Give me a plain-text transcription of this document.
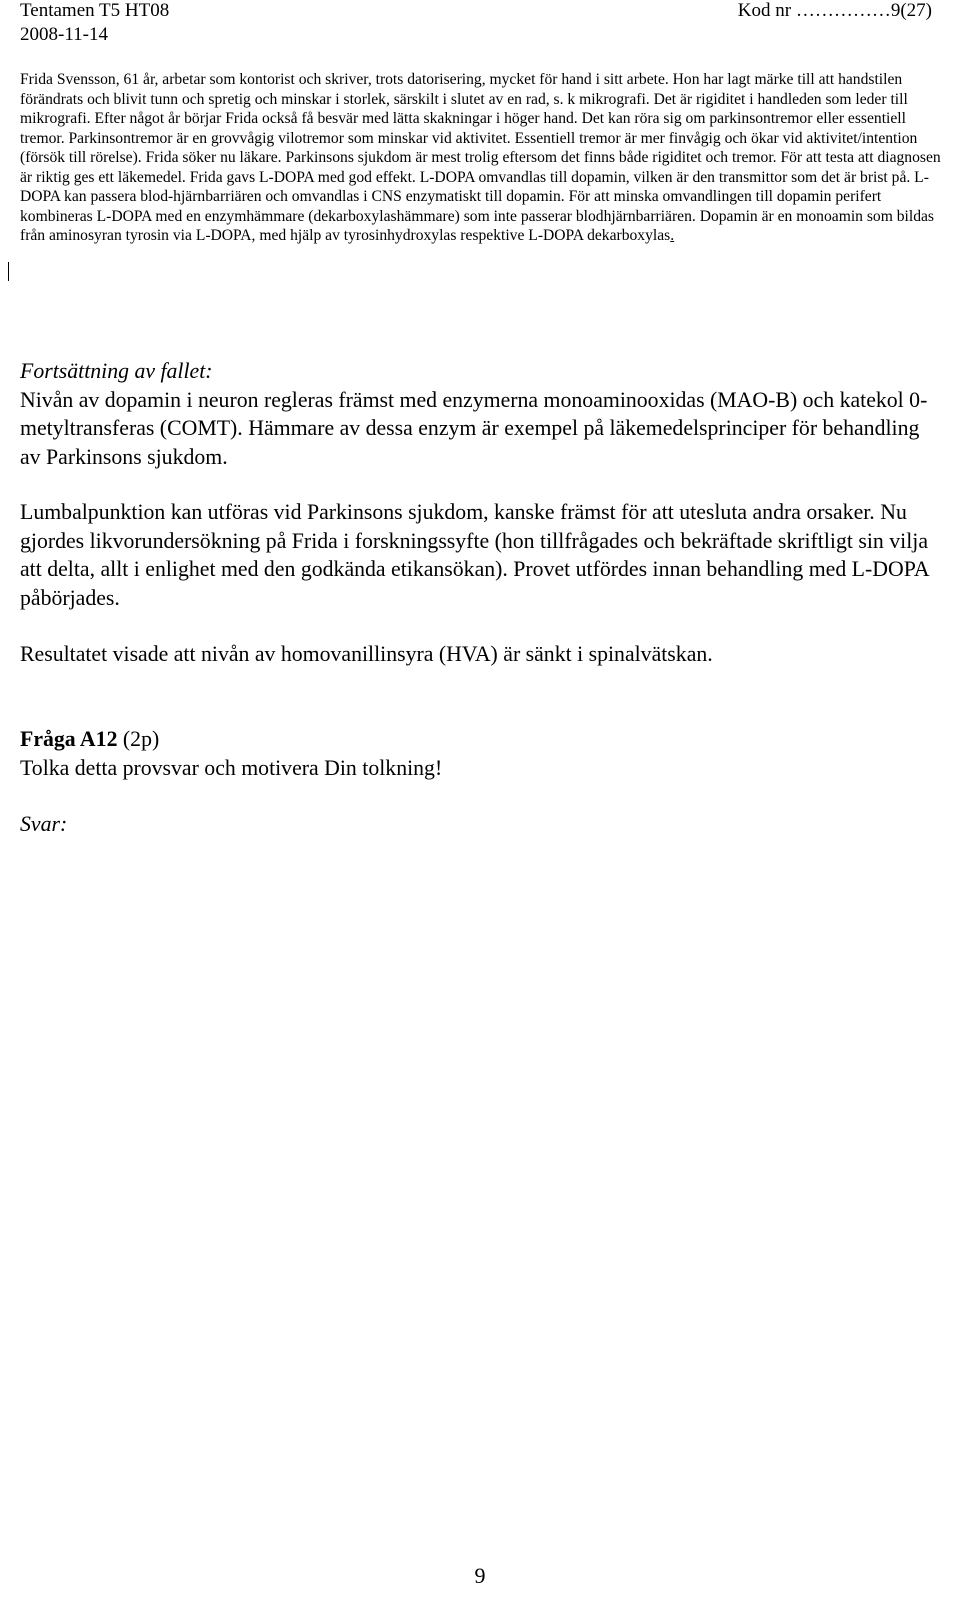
Tentamen T5 HT08	Kod nr ……………9(27)
2008-11-14

Frida Svensson, 61 år, arbetar som kontorist och skriver, trots datorisering, mycket för hand i sitt arbete. Hon har lagt märke till att handstilen förändrats och blivit tunn och spretig och minskar i storlek, särskilt i slutet av en rad, s. k mikrografi. Det är rigiditet i handleden som leder till mikrografi. Efter något år börjar Frida också få besvär med lätta skakningar i höger hand. Det kan röra sig om parkinsontremor eller essentiell tremor. Parkinsontremor är en grovvågig vilotremor som minskar vid aktivitet. Essentiell tremor är mer finvågig och ökar vid aktivitet/intention (försök till rörelse). Frida söker nu läkare. Parkinsons sjukdom är mest trolig eftersom det finns både rigiditet och tremor. För att testa att diagnosen är riktig ges ett läkemedel. Frida gavs L-DOPA med god effekt. L-DOPA omvandlas till dopamin, vilken är den transmittor som det är brist på. L-DOPA kan passera blod-hjärnbarriären och omvandlas i CNS enzymatiskt till dopamin. För att minska omvandlingen till dopamin perifert kombineras L-DOPA med en enzymhämmare (dekarboxylashämmare) som inte passerar blodhjärnbarriären. Dopamin är en monoamin som bildas från aminosyran tyrosin via L-DOPA, med hjälp av tyrosinhydroxylas respektive L-DOPA dekarboxylas.

Fortsättning av fallet:

Nivån av dopamin i neuron regleras främst med enzymerna monoaminooxidas (MAO-B) och katekol 0-metyltransferas (COMT). Hämmare av dessa enzym är exempel på läkemedelsprinciper för behandling av Parkinsons sjukdom.

Lumbalpunktion kan utföras vid Parkinsons sjukdom, kanske främst för att utesluta andra orsaker. Nu gjordes likvorundersökning på Frida i forskningssyfte (hon tillfrågades och bekräftade skriftligt sin vilja att delta, allt i enlighet med den godkända etikansökan). Provet utfördes innan behandling med L-DOPA påbörjades.

Resultatet visade att nivån av homovanillinsyra (HVA) är sänkt i spinalvätskan.

Fråga A12 (2p)

Tolka detta provsvar och motivera Din tolkning!

Svar:
9
